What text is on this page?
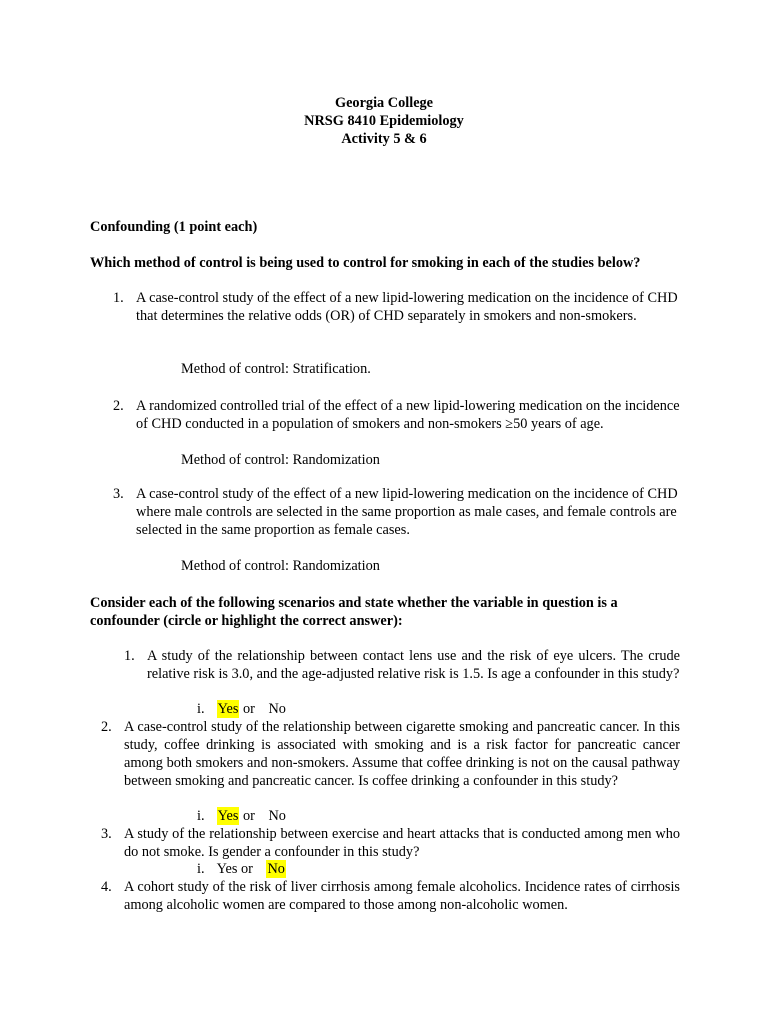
Georgia College
NRSG 8410 Epidemiology
Activity 5 & 6
Confounding (1 point each)
Which method of control is being used to control for smoking in each of the studies below?
1. A case-control study of the effect of a new lipid-lowering medication on the incidence of CHD that determines the relative odds (OR) of CHD separately in smokers and non-smokers.
Method of control: Stratification.
2. A randomized controlled trial of the effect of a new lipid-lowering medication on the incidence of CHD conducted in a population of smokers and non-smokers ≥50 years of age.
Method of control: Randomization
3. A case-control study of the effect of a new lipid-lowering medication on the incidence of CHD where male controls are selected in the same proportion as male cases, and female controls are selected in the same proportion as female cases.
Method of control: Randomization
Consider each of the following scenarios and state whether the variable in question is a confounder (circle or highlight the correct answer):
1. A study of the relationship between contact lens use and the risk of eye ulcers. The crude relative risk is 3.0, and the age-adjusted relative risk is 1.5. Is age a confounder in this study?
i. Yes or No
2. A case-control study of the relationship between cigarette smoking and pancreatic cancer. In this study, coffee drinking is associated with smoking and is a risk factor for pancreatic cancer among both smokers and non-smokers. Assume that coffee drinking is not on the causal pathway between smoking and pancreatic cancer. Is coffee drinking a confounder in this study?
i. Yes or No
3. A study of the relationship between exercise and heart attacks that is conducted among men who do not smoke. Is gender a confounder in this study?
i. Yes or No
4. A cohort study of the risk of liver cirrhosis among female alcoholics. Incidence rates of cirrhosis among alcoholic women are compared to those among non-alcoholic women.
